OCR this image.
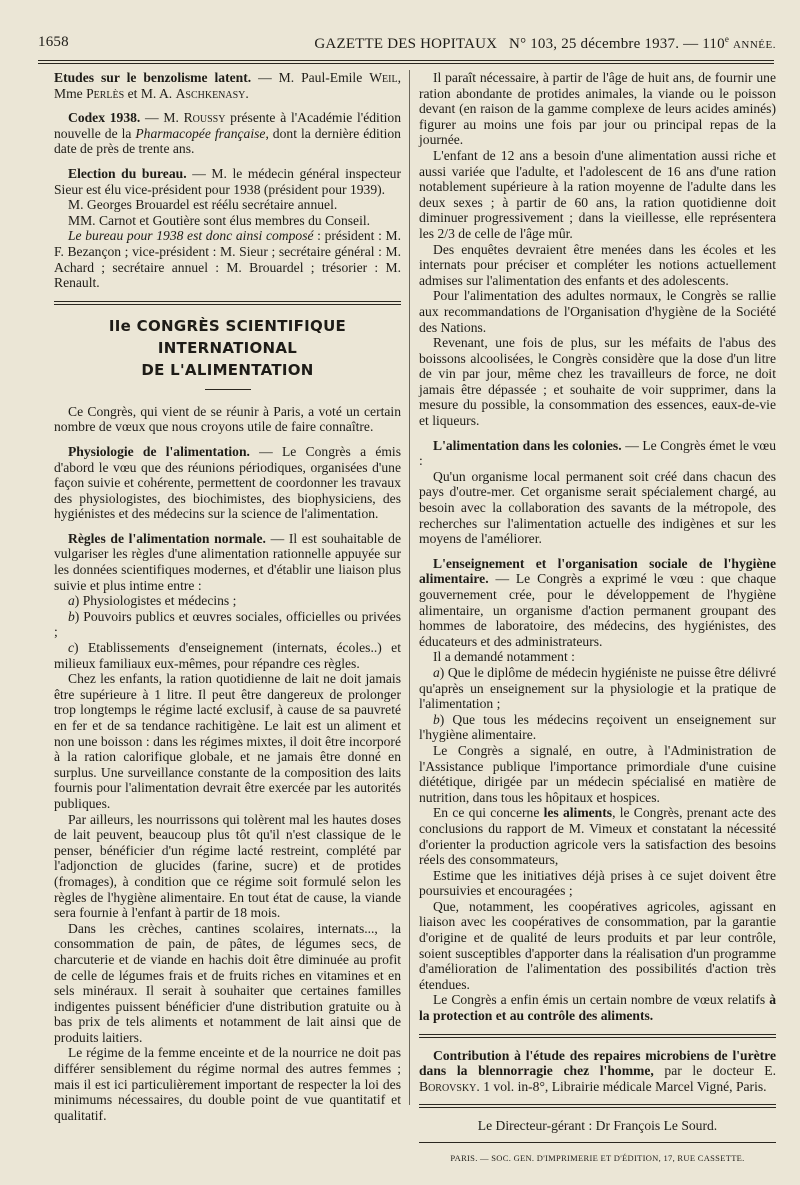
1658	GAZETTE DES HOPITAUX N° 103, 25 décembre 1937. — 110e ANNÉE.

Etudes sur le benzolisme latent. — M. Paul-Emile Weil, Mme Perlès et M. A. Aschkenasy.

Codex 1938. — M. Roussy présente à l'Académie l'édition nouvelle de la Pharmacopée française, dont la dernière édition date de près de trente ans.

Election du bureau. — M. le médecin général inspecteur Sieur est élu vice-président pour 1938 (président pour 1939).

M. Georges Brouardel est réélu secrétaire annuel.

MM. Carnot et Goutière sont élus membres du Conseil.

Le bureau pour 1938 est donc ainsi composé : président : M. F. Bezançon ; vice-président : M. Sieur ; secrétaire général : M. Achard ; secrétaire annuel : M. Brouardel ; trésorier : M. Renault.

IIe CONGRÈS SCIENTIFIQUE INTERNATIONAL
DE L'ALIMENTATION

Ce Congrès, qui vient de se réunir à Paris, a voté un certain nombre de vœux que nous croyons utile de faire connaître.

Physiologie de l'alimentation. — Le Congrès a émis d'abord le vœu que des réunions périodiques, organisées d'une façon suivie et cohérente, permettent de coordonner les travaux des physiologistes, des biochimistes, des biophysiciens, des hygiénistes et des médecins sur la science de l'alimentation.

Règles de l'alimentation normale. — Il est souhaitable de vulgariser les règles d'une alimentation rationnelle appuyée sur les données scientifiques modernes, et d'établir une liaison plus suivie et plus intime entre :

a) Physiologistes et médecins ;

b) Pouvoirs publics et œuvres sociales, officielles ou privées ;

c) Etablissements d'enseignement (internats, écoles..) et milieux familiaux eux-mêmes, pour répandre ces règles.

Chez les enfants, la ration quotidienne de lait ne doit jamais être supérieure à 1 litre. Il peut être dangereux de prolonger trop longtemps le régime lacté exclusif, à cause de sa pauvreté en fer et de sa tendance rachitigène. Le lait est un aliment et non une boisson : dans les régimes mixtes, il doit être incorporé à la ration calorifique globale, et ne jamais être donné en surplus. Une surveillance constante de la composition des laits fournis pour l'alimentation devrait être exercée par les autorités publiques.

Par ailleurs, les nourrissons qui tolèrent mal les hautes doses de lait peuvent, beaucoup plus tôt qu'il n'est classique de le penser, bénéficier d'un régime lacté restreint, complété par l'adjonction de glucides (farine, sucre) et de protides (fromages), à condition que ce régime soit formulé selon les règles de l'hygiène alimentaire. En tout état de cause, la viande sera fournie à l'enfant à partir de 18 mois.

Dans les crèches, cantines scolaires, internats..., la consommation de pain, de pâtes, de légumes secs, de charcuterie et de viande en hachis doit être diminuée au profit de celle de légumes frais et de fruits riches en vitamines et en sels minéraux. Il serait à souhaiter que certaines familles indigentes puissent bénéficier d'une distribution gratuite ou à bas prix de tels aliments et notamment de lait ainsi que de produits laitiers.

Le régime de la femme enceinte et de la nourrice ne doit pas différer sensiblement du régime normal des autres femmes ; mais il est ici particulièrement important de respecter la loi des minimums nécessaires, du double point de vue quantitatif et qualitatif.

Il paraît nécessaire, à partir de l'âge de huit ans, de fournir une ration abondante de protides animales, la viande ou le poisson devant (en raison de la gamme complexe de leurs acides aminés) figurer au moins une fois par jour ou principal repas de la journée.

L'enfant de 12 ans a besoin d'une alimentation aussi riche et aussi variée que l'adulte, et l'adolescent de 16 ans d'une ration notablement supérieure à la ration moyenne de l'adulte dans les deux sexes ; à partir de 60 ans, la ration quotidienne doit diminuer progressivement ; dans la vieillesse, elle représentera les 2/3 de celle de l'âge mûr.

Des enquêtes devraient être menées dans les écoles et les internats pour préciser et compléter les notions actuellement admises sur l'alimentation des enfants et des adolescents.

Pour l'alimentation des adultes normaux, le Congrès se rallie aux recommandations de l'Organisation d'hygiène de la Société des Nations.

Revenant, une fois de plus, sur les méfaits de l'abus des boissons alcoolisées, le Congrès considère que la dose d'un litre de vin par jour, même chez les travailleurs de force, ne doit jamais être dépassée ; et souhaite de voir supprimer, dans la mesure du possible, la consommation des essences, eaux-de-vie et liqueurs.

L'alimentation dans les colonies. — Le Congrès émet le vœu :

Qu'un organisme local permanent soit créé dans chacun des pays d'outre-mer. Cet organisme serait spécialement chargé, au besoin avec la collaboration des savants de la métropole, des recherches sur l'alimentation actuelle des indigènes et sur les moyens de l'améliorer.

L'enseignement et l'organisation sociale de l'hygiène alimentaire. — Le Congrès a exprimé le vœu : que chaque gouvernement crée, pour le développement de l'hygiène alimentaire, un organisme d'action permanent groupant des hommes de laboratoire, des médecins, des hygiénistes, des éducateurs et des administrateurs.

Il a demandé notamment :

a) Que le diplôme de médecin hygiéniste ne puisse être délivré qu'après un enseignement sur la physiologie et la pratique de l'alimentation ;

b) Que tous les médecins reçoivent un enseignement sur l'hygiène alimentaire.

Le Congrès a signalé, en outre, à l'Administration de l'Assistance publique l'importance primordiale d'une cuisine diététique, dirigée par un médecin spécialisé en matière de nutrition, dans tous les hôpitaux et hospices.

En ce qui concerne les aliments, le Congrès, prenant acte des conclusions du rapport de M. Vimeux et constatant la nécessité d'orienter la production agricole vers la satisfaction des besoins réels des consommateurs,

Estime que les initiatives déjà prises à ce sujet doivent être poursuivies et encouragées ;

Que, notamment, les coopératives agricoles, agissant en liaison avec les coopératives de consommation, par la garantie d'origine et de qualité de leurs produits et par leur contrôle, soient susceptibles d'apporter dans la réalisation d'un programme d'amélioration de l'alimentation des possibilités d'action très étendues.

Le Congrès a enfin émis un certain nombre de vœux relatifs à la protection et au contrôle des aliments.

Contribution à l'étude des repaires microbiens de l'urètre dans la blennorragie chez l'homme, par le docteur E. Borovsky. 1 vol. in-8°, Librairie médicale Marcel Vigné, Paris.

Le Directeur-gérant : Dr François Le Sourd.
PARIS. — SOC. GEN. D'IMPRIMERIE ET D'ÉDITION, 17, RUE CASSETTE.
